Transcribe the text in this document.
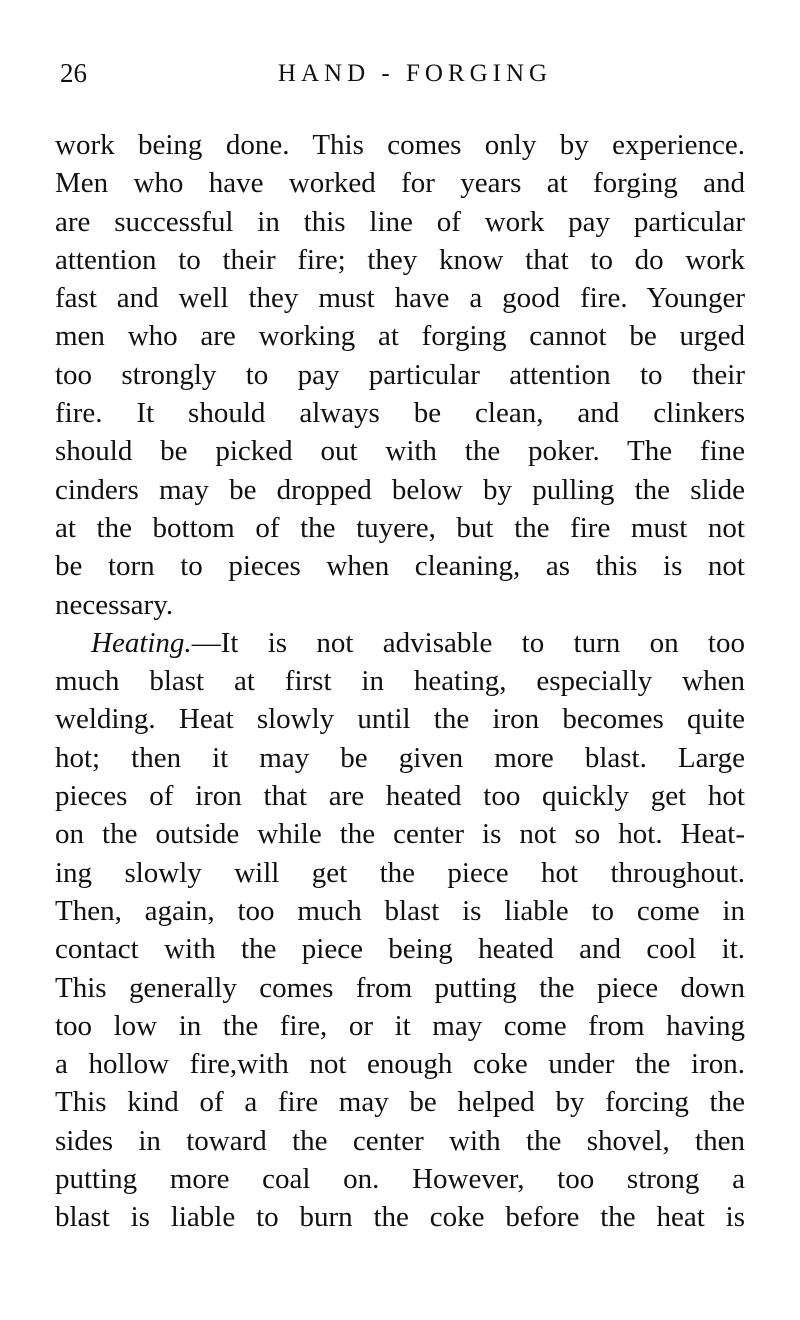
26	HAND - FORGING
work being done. This comes only by experience.
Men who have worked for years at forging and
are successful in this line of work pay particular
attention to their fire; they know that to do work
fast and well they must have a good fire. Younger
men who are working at forging cannot be urged
too strongly to pay particular attention to their
fire. It should always be clean, and clinkers
should be picked out with the poker. The fine
cinders may be dropped below by pulling the slide
at the bottom of the tuyere, but the fire must not
be torn to pieces when cleaning, as this is not
necessary.
Heating.—It is not advisable to turn on too
much blast at first in heating, especially when
welding. Heat slowly until the iron becomes quite
hot; then it may be given more blast. Large
pieces of iron that are heated too quickly get hot
on the outside while the center is not so hot. Heat-
ing slowly will get the piece hot throughout.
Then, again, too much blast is liable to come in
contact with the piece being heated and cool it.
This generally comes from putting the piece down
too low in the fire, or it may come from having
a hollow fire,with not enough coke under the iron.
This kind of a fire may be helped by forcing the
sides in toward the center with the shovel, then
putting more coal on. However, too strong a
blast is liable to burn the coke before the heat is
